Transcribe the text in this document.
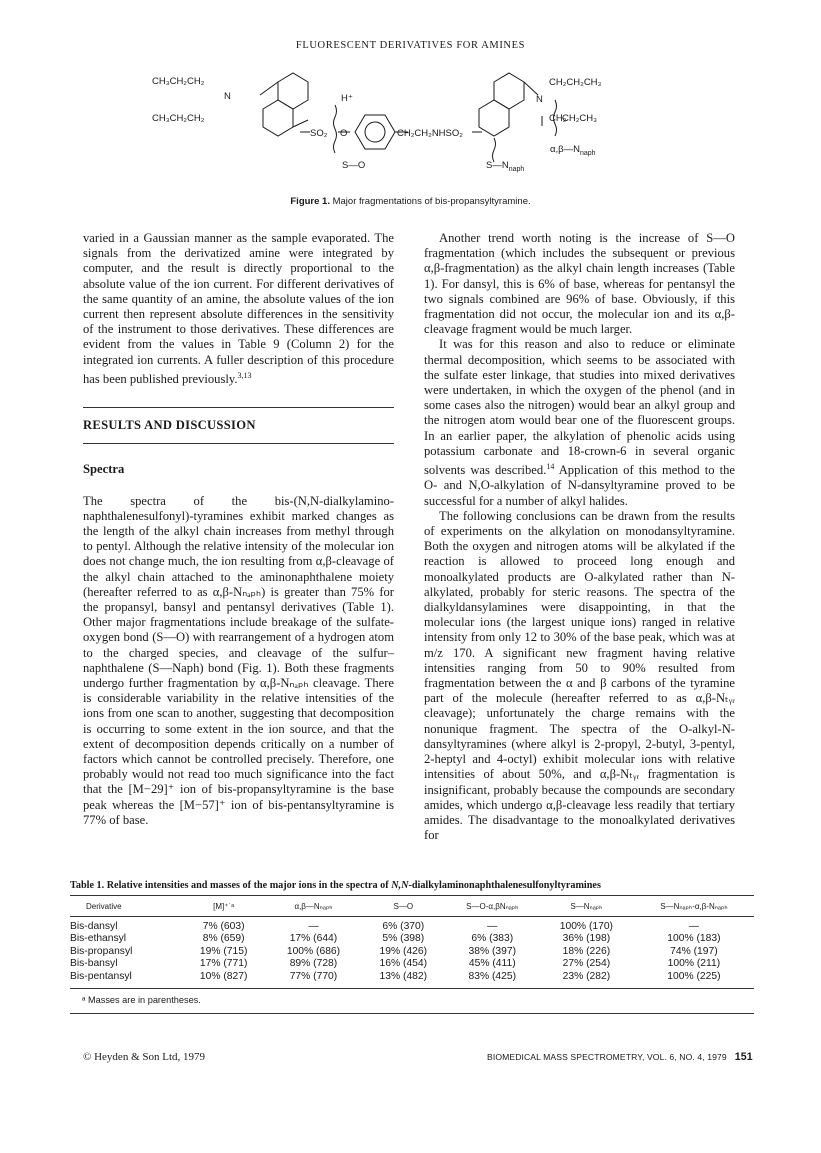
FLUORESCENT DERIVATIVES FOR AMINES
CH₃CH₂CH₂
N
CH₃CH₂CH₂
H⁺
SO₂ O
S—O
CH₂CH₂NHSO₂
CH₂CH₂CH₃
N
CH₂
CH₂CH₃
$S—N_{naph}$
$\alpha,\beta—N_{naph}$
Figure 1. Major fragmentations of bis-propansyltyramine.

varied in a Gaussian manner as the sample evaporated. The signals from the derivatized amine were integrated by computer, and the result is directly proportional to the absolute value of the ion current. For different derivatives of the same quantity of an amine, the absolute values of the ion current then represent absolute differences in the sensitivity of the instrument to those derivatives. These differences are evident from the values in Table 9 (Column 2) for the integrated ion currents. A fuller description of this procedure has been published previously.$^{3,13}$

RESULTS AND DISCUSSION
Spectra

The spectra of the bis-(N,N-dialkylamino-naphthalenesulfonyl)-tyramines exhibit marked changes as the length of the alkyl chain increases from methyl through to pentyl. Although the relative intensity of the molecular ion does not change much, the ion resulting from α,β-cleavage of the alkyl chain attached to the aminonaphthalene moiety (hereafter referred to as α,β-Nₙₐₚₕ) is greater than 75% for the propansyl, bansyl and pentansyl derivatives (Table 1). Other major fragmentations include breakage of the sulfate-oxygen bond (S—O) with rearrangement of a hydrogen atom to the charged species, and cleavage of the sulfur–naphthalene (S—Naph) bond (Fig. 1). Both these fragments undergo further fragmentation by α,β-Nₙₐₚₕ cleavage. There is considerable variability in the relative intensities of the ions from one scan to another, suggesting that decomposition is occurring to some extent in the ion source, and that the extent of decomposition depends critically on a number of factors which cannot be controlled precisely. Therefore, one probably would not read too much significance into the fact that the [M−29]⁺ ion of bis-propansyltyramine is the base peak whereas the [M−57]⁺ ion of bis-pentansyltyramine is 77% of base.

Another trend worth noting is the increase of S—O fragmentation (which includes the subsequent or previous α,β-fragmentation) as the alkyl chain length increases (Table 1). For dansyl, this is 6% of base, whereas for pentansyl the two signals combined are 96% of base. Obviously, if this fragmentation did not occur, the molecular ion and its α,β-cleavage fragment would be much larger.

It was for this reason and also to reduce or eliminate thermal decomposition, which seems to be associated with the sulfate ester linkage, that studies into mixed derivatives were undertaken, in which the oxygen of the phenol (and in some cases also the nitrogen) would bear an alkyl group and the nitrogen atom would bear one of the fluorescent groups. In an earlier paper, the alkylation of phenolic acids using potassium carbonate and 18-crown-6 in several organic solvents was described.$^{14}$ Application of this method to the O- and N,O-alkylation of N-dansyltyramine proved to be successful for a number of alkyl halides.

The following conclusions can be drawn from the results of experiments on the alkylation on monodansyltyramine. Both the oxygen and nitrogen atoms will be alkylated if the reaction is allowed to proceed long enough and monoalkylated products are O-alkylated rather than N-alkylated, probably for steric reasons. The spectra of the dialkyldansylamines were disappointing, in that the molecular ions (the largest unique ions) ranged in relative intensity from only 12 to 30% of the base peak, which was at m/z 170. A significant new fragment having relative intensities ranging from 50 to 90% resulted from fragmentation between the α and β carbons of the tyramine part of the molecule (hereafter referred to as α,β-Nₜᵧᵣ cleavage); unfortunately the charge remains with the nonunique fragment. The spectra of the O-alkyl-N-dansyltyramines (where alkyl is 2-propyl, 2-butyl, 3-pentyl, 2-heptyl and 4-octyl) exhibit molecular ions with relative intensities of about 50%, and α,β-Nₜᵧᵣ fragmentation is insignificant, probably because the compounds are secondary amides, which undergo α,β-cleavage less readily that tertiary amides. The disadvantage to the monoalkylated derivatives for

Table 1. Relative intensities and masses of the major ions in the spectra of N,N-dialkylaminonaphthalenesulfonyltyramines
Derivative	[M]⁺˙ᵃ	α,β—Nₙₐₚₕ	S—O	S—O-α,βNₙₐₚₕ	S—Nₙₐₚₕ	S—Nₙₐₚₕ-α,β-Nₙₐₚₕ

Bis-dansyl	7% (603)	—	6% (370)	—	100% (170)	—
Bis-ethansyl	8% (659)	17% (644)	5% (398)	6% (383)	36% (198)	100% (183)
Bis-propansyl	19% (715)	100% (686)	19% (426)	38% (397)	18% (226)	74% (197)
Bis-bansyl	17% (771)	89% (728)	16% (454)	45% (411)	27% (254)	100% (211)
Bis-pentansyl	10% (827)	77% (770)	13% (482)	83% (425)	23% (282)	100% (225)
ᵃ Masses are in parentheses.
© Heyden & Son Ltd, 1979	BIOMEDICAL MASS SPECTROMETRY, VOL. 6, NO. 4, 1979 151
